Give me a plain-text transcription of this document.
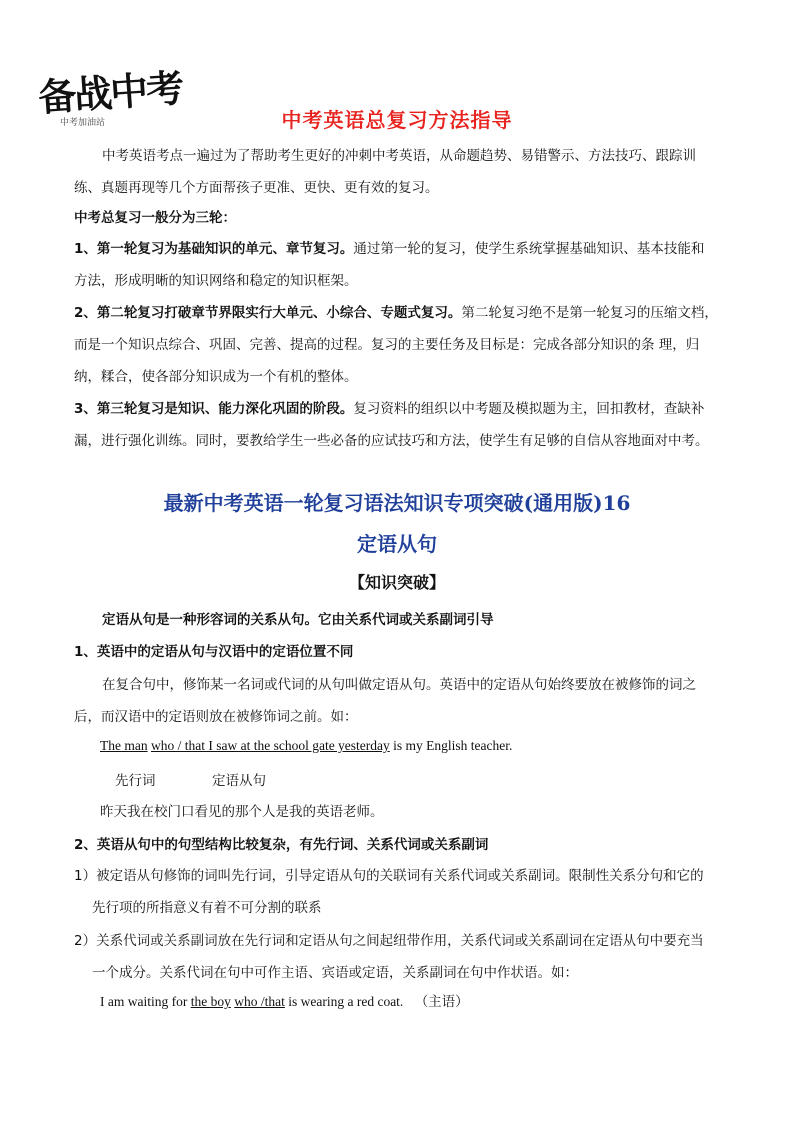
备战中考
中考加油站	中考英语总复习方法指导
中考英语考点一遍过为了帮助考生更好的冲刺中考英语，从命题趋势、易错警示、方法技巧、跟踪训
练、真题再现等几个方面帮孩子更准、更快、更有效的复习。
中考总复习一般分为三轮：
1、第一轮复习为基础知识的单元、章节复习。通过第一轮的复习，使学生系统掌握基础知识、基本技能和
方法，形成明晰的知识网络和稳定的知识框架。
2、第二轮复习打破章节界限实行大单元、小综合、专题式复习。第二轮复习绝不是第一轮复习的压缩文档，
而是一个知识点综合、巩固、完善、提高的过程。复习的主要任务及目标是：完成各部分知识的条 理，归
纳，糅合，使各部分知识成为一个有机的整体。
3、第三轮复习是知识、能力深化巩固的阶段。复习资料的组织以中考题及模拟题为主，回扣教材，查缺补
漏，进行强化训练。同时，要教给学生一些必备的应试技巧和方法，使学生有足够的自信从容地面对中考。
最新中考英语一轮复习语法知识专项突破(通用版)16
定语从句
【知识突破】
定语从句是一种形容词的关系从句。它由关系代词或关系副词引导
1、英语中的定语从句与汉语中的定语位置不同
在复合句中，修饰某一名词或代词的从句叫做定语从句。英语中的定语从句始终要放在被修饰的词之
后，而汉语中的定语则放在被修饰词之前。如：
The man who / that I saw at the school gate yesterday is my English teacher.
先行词	定语从句
昨天我在校门口看见的那个人是我的英语老师。
2、英语从句中的句型结构比较复杂，有先行词、关系代词或关系副词
1）被定语从句修饰的词叫先行词，引导定语从句的关联词有关系代词或关系副词。限制性关系分句和它的
先行项的所指意义有着不可分割的联系
2）关系代词或关系副词放在先行词和定语从句之间起纽带作用，关系代词或关系副词在定语从句中要充当
一个成分。关系代词在句中可作主语、宾语或定语，关系副词在句中作状语。如：
I am waiting for the boy who /that is wearing a red coat. （主语）
